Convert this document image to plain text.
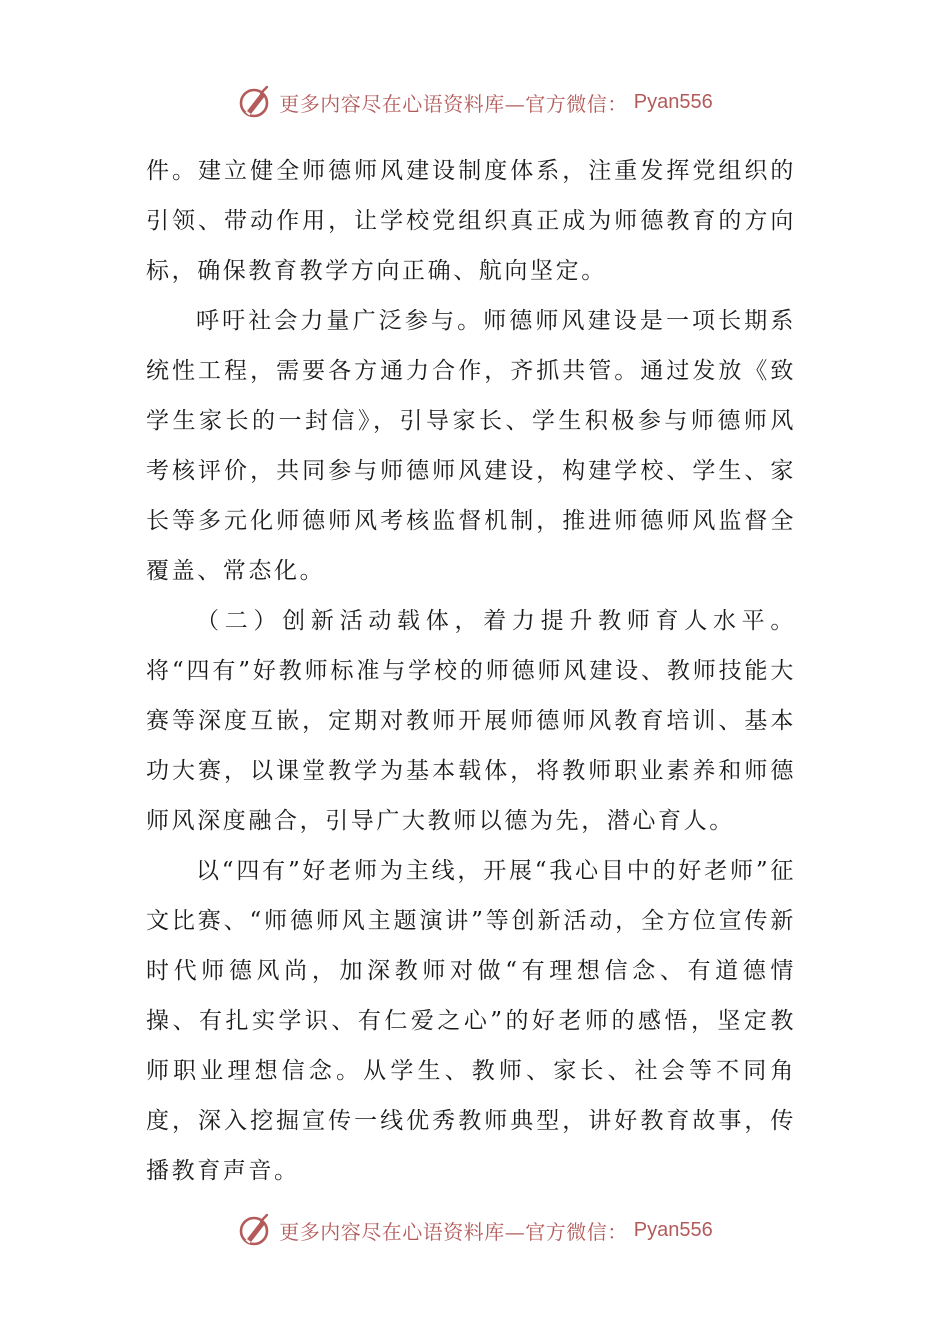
更多内容尽在心语资料库—官方微信： Pyan556

件。建立健全师德师风建设制度体系，注重发挥党组织的引领、带动作用，让学校党组织真正成为师德教育的方向标，确保教育教学方向正确、航向坚定。

呼吁社会力量广泛参与。师德师风建设是一项长期系统性工程，需要各方通力合作，齐抓共管。通过发放《致学生家长的一封信》，引导家长、学生积极参与师德师风考核评价，共同参与师德师风建设，构建学校、学生、家长等多元化师德师风考核监督机制，推进师德师风监督全覆盖、常态化。

（二）创新活动载体，着力提升教师育人水平。将“四有”好教师标准与学校的师德师风建设、教师技能大赛等深度互嵌，定期对教师开展师德师风教育培训、基本功大赛，以课堂教学为基本载体，将教师职业素养和师德师风深度融合，引导广大教师以德为先，潜心育人。

以“四有”好老师为主线，开展“我心目中的好老师”征文比赛、“师德师风主题演讲”等创新活动，全方位宣传新时代师德风尚，加深教师对做“有理想信念、有道德情操、有扎实学识、有仁爱之心”的好老师的感悟，坚定教师职业理想信念。从学生、教师、家长、社会等不同角度，深入挖掘宣传一线优秀教师典型，讲好教育故事，传播教育声音。

更多内容尽在心语资料库—官方微信： Pyan556
